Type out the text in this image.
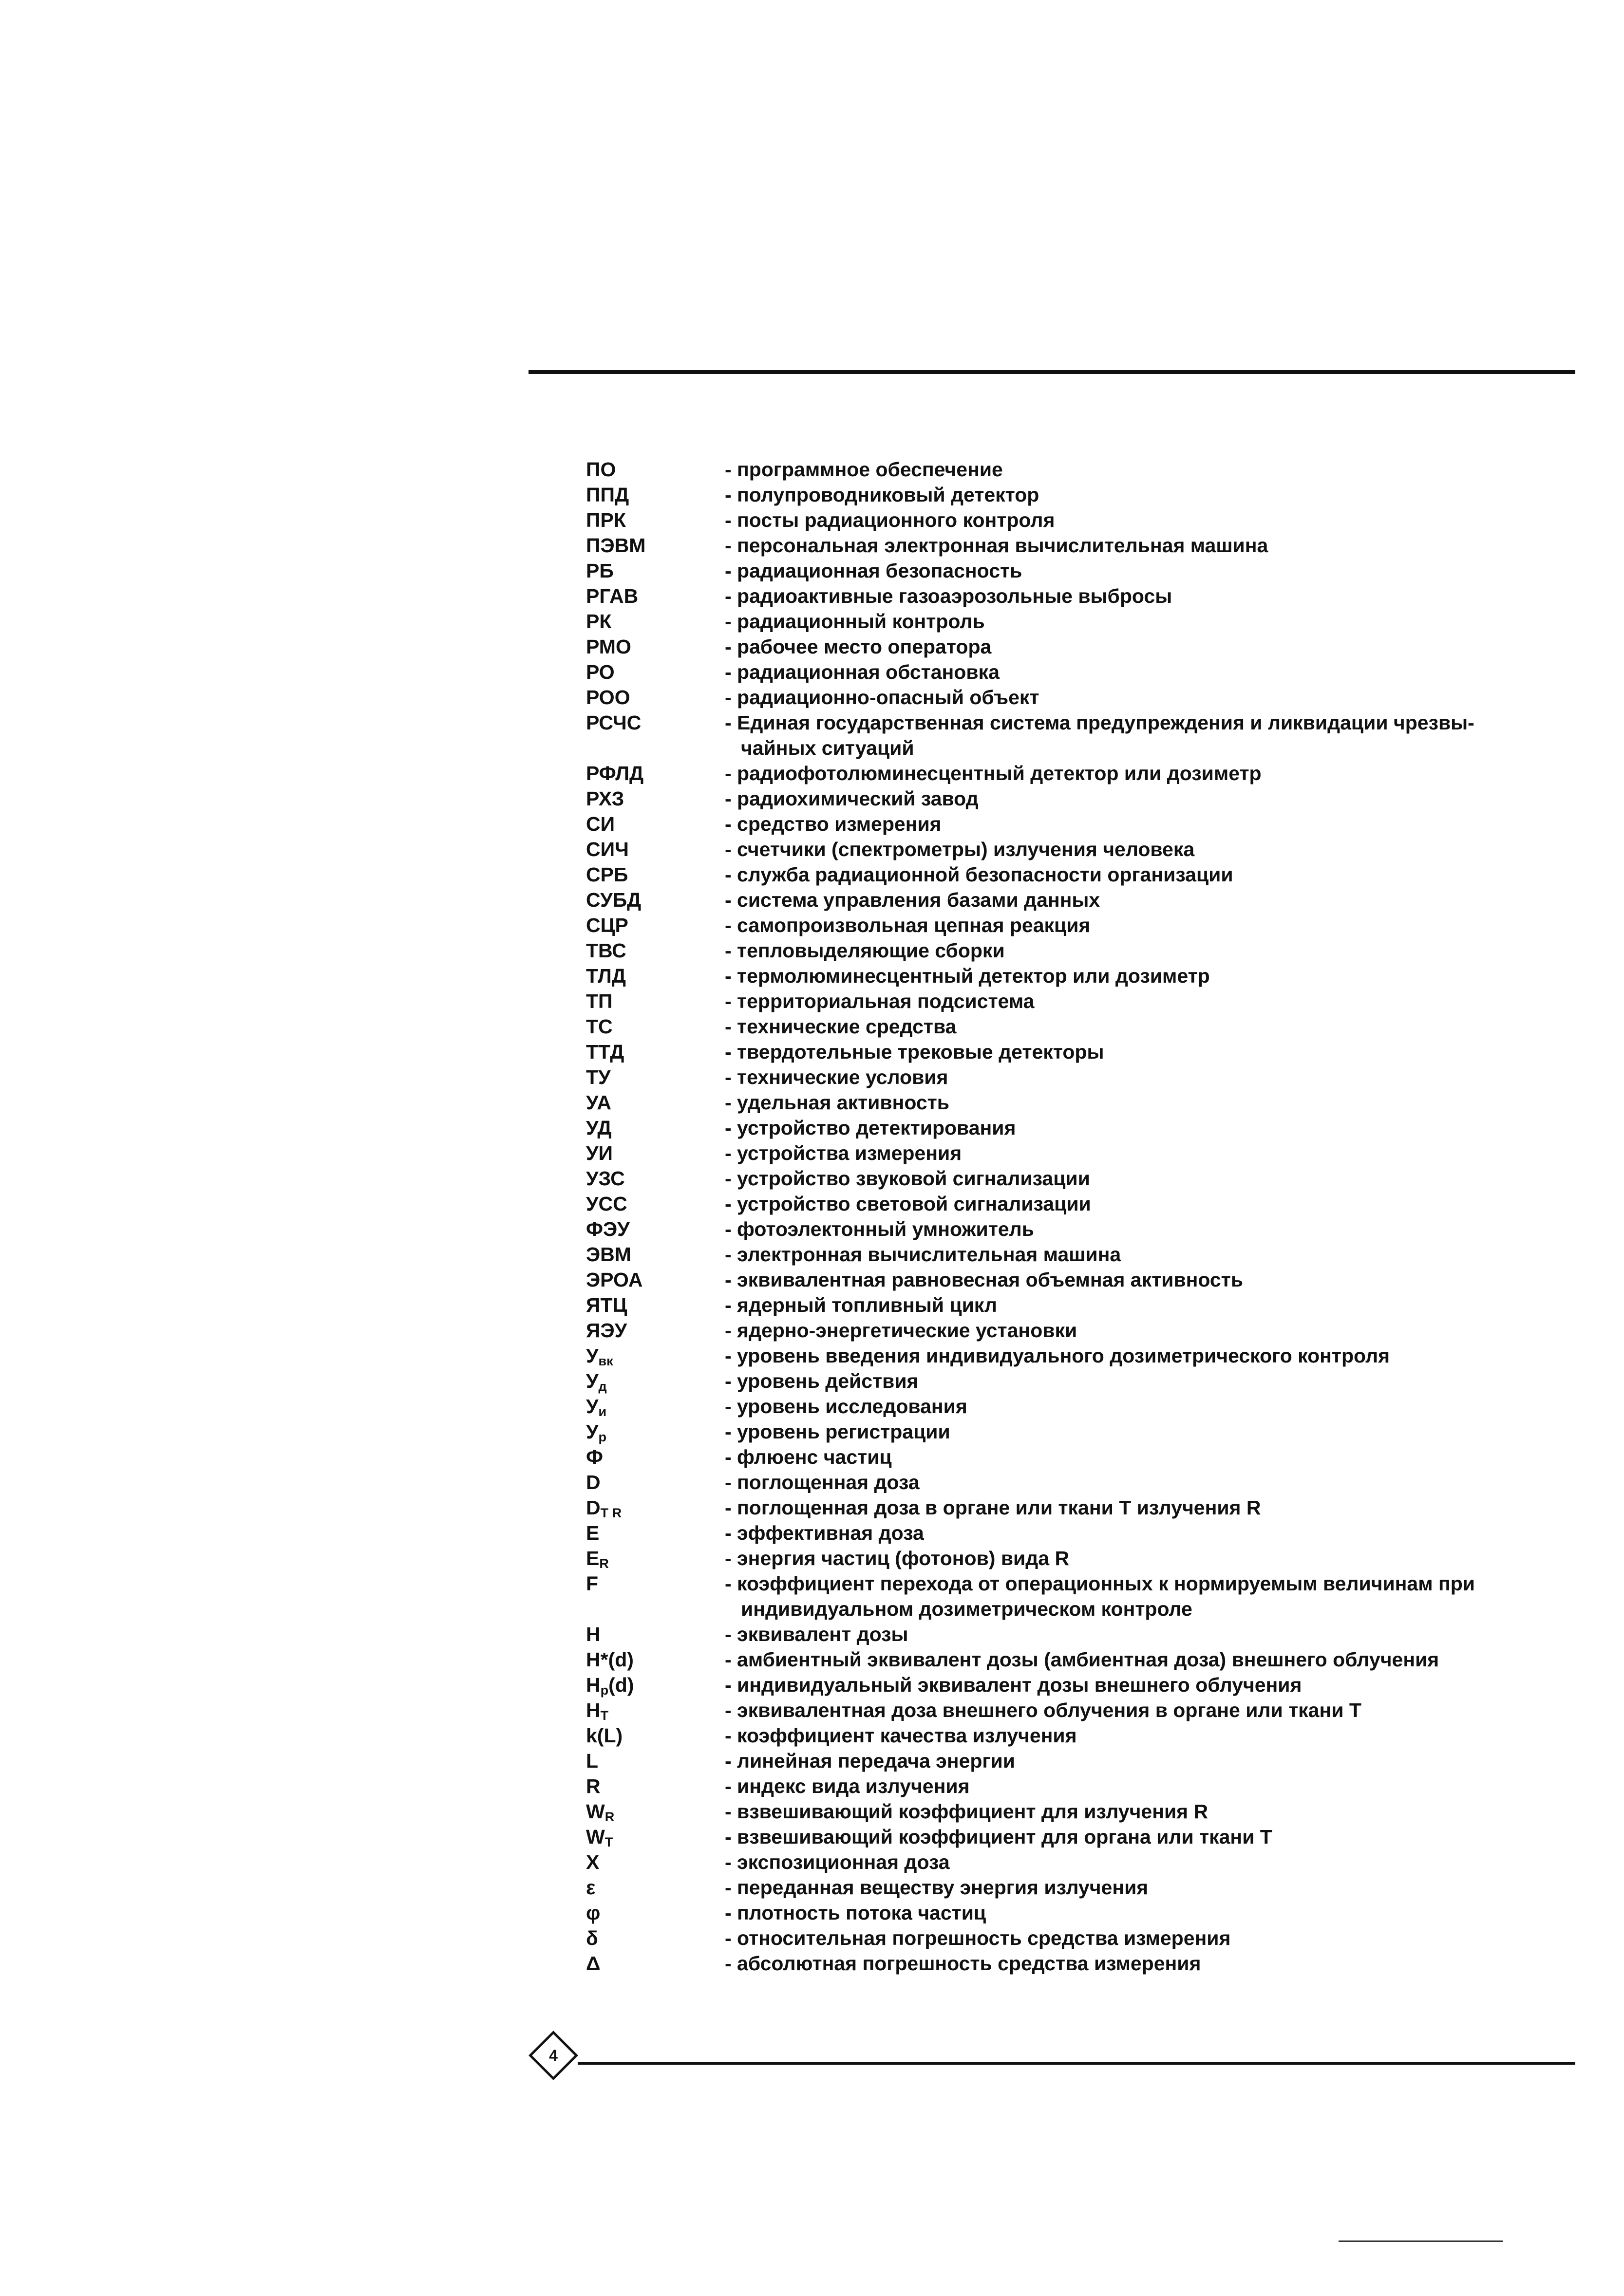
ПО	- программное обеспечение
ППД	- полупроводниковый детектор
ПРК	- посты радиационного контроля
ПЭВМ	- персональная электронная вычислительная машина
РБ	- радиационная безопасность
РГАВ	- радиоактивные газоаэрозольные выбросы
РК	- радиационный контроль
РМО	- рабочее место оператора
РО	- радиационная обстановка
РОО	- радиационно-опасный объект
РСЧС	- Единая государственная система предупреждения и ликвидации чрезвы-
чайных ситуаций
РФЛД	- радиофотолюминесцентный детектор или дозиметр
РХЗ	- радиохимический завод
СИ	- средство измерения
СИЧ	- счетчики (спектрометры) излучения человека
СРБ	- служба радиационной безопасности организации
СУБД	- система управления базами данных
СЦР	- самопроизвольная цепная реакция
ТВС	- тепловыделяющие сборки
ТЛД	- термолюминесцентный детектор или дозиметр
ТП	- территориальная подсистема
ТС	- технические средства
ТТД	- твердотельные трековые детекторы
ТУ	- технические условия
УА	- удельная активность
УД	- устройство детектирования
УИ	- устройства измерения
УЗС	- устройство звуковой сигнализации
УСС	- устройство световой сигнализации
ФЭУ	- фотоэлектонный умножитель
ЭВМ	- электронная вычислительная машина
ЭРОА	- эквивалентная равновесная объемная активность
ЯТЦ	- ядерный топливный цикл
ЯЭУ	- ядерно-энергетические установки
$У_{вк}$	- уровень введения индивидуального дозиметрического контроля
$У_д$	- уровень действия
$У_и$	- уровень исследования
$У_р$	- уровень регистрации
Ф	- флюенс частиц
D	- поглощенная доза
$D_{T R}$	- поглощенная доза в органе или ткани T излучения R
E	- эффективная доза
$E_R$	- энергия частиц (фотонов) вида R
F	- коэффициент перехода от операционных к нормируемым величинам при
индивидуальном дозиметрическом контроле
H	- эквивалент дозы
H*(d)	- амбиентный эквивалент дозы (амбиентная доза) внешнего облучения
$H_p(d)$	- индивидуальный эквивалент дозы внешнего облучения
$H_T$	- эквивалентная доза внешнего облучения в органе или ткани T
k(L)	- коэффициент качества излучения
L	- линейная передача энергии
R	- индекс вида излучения
$W_R$	- взвешивающий коэффициент для излучения R
$W_T$	- взвешивающий коэффициент для органа или ткани T
X	- экспозиционная доза
ε	- переданная веществу энергия излучения
φ	- плотность потока частиц
δ	- относительная погрешность средства измерения
Δ	- абсолютная погрешность средства измерения
4
